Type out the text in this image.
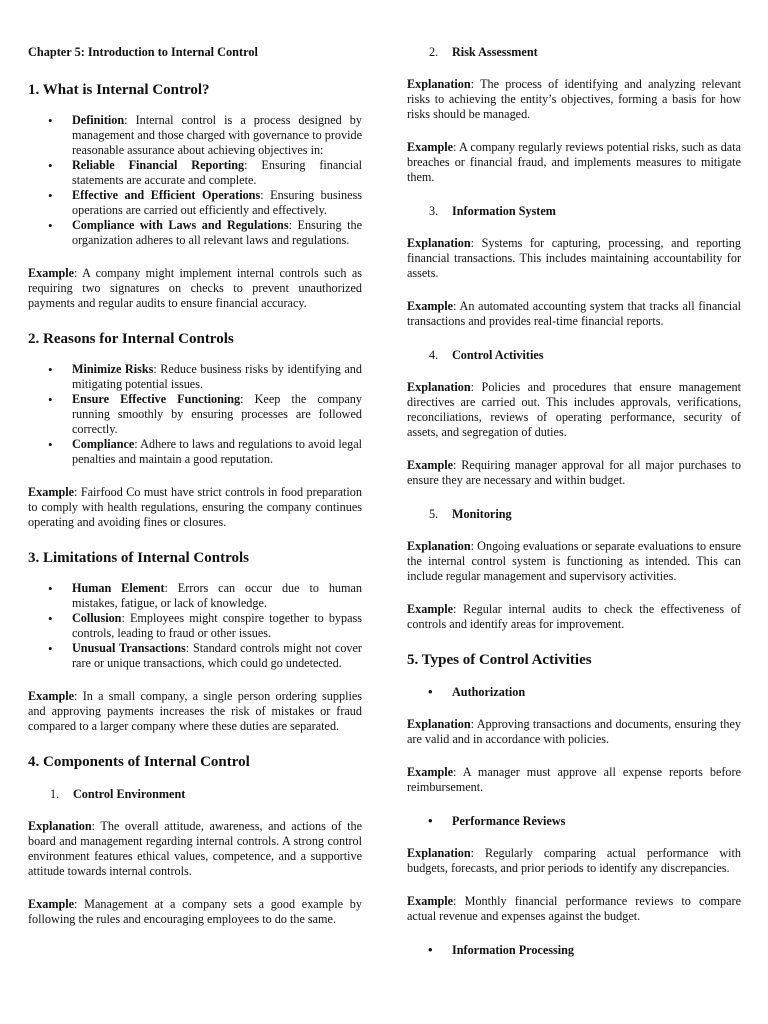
Chapter 5: Introduction to Internal Control

1. What is Internal Control?
• Definition: Internal control is a process designed by management and those charged with governance to provide reasonable assurance about achieving objectives in:
• Reliable Financial Reporting: Ensuring financial statements are accurate and complete.
• Effective and Efficient Operations: Ensuring business operations are carried out efficiently and effectively.
• Compliance with Laws and Regulations: Ensuring the organization adheres to all relevant laws and regulations.

Example: A company might implement internal controls such as requiring two signatures on checks to prevent unauthorized payments and regular audits to ensure financial accuracy.

2. Reasons for Internal Controls
• Minimize Risks: Reduce business risks by identifying and mitigating potential issues.
• Ensure Effective Functioning: Keep the company running smoothly by ensuring processes are followed correctly.
• Compliance: Adhere to laws and regulations to avoid legal penalties and maintain a good reputation.

Example: Fairfood Co must have strict controls in food preparation to comply with health regulations, ensuring the company continues operating and avoiding fines or closures.

3. Limitations of Internal Controls
• Human Element: Errors can occur due to human mistakes, fatigue, or lack of knowledge.
• Collusion: Employees might conspire together to bypass controls, leading to fraud or other issues.
• Unusual Transactions: Standard controls might not cover rare or unique transactions, which could go undetected.

Example: In a small company, a single person ordering supplies and approving payments increases the risk of mistakes or fraud compared to a larger company where these duties are separated.

4. Components of Internal Control
1. Control Environment

Explanation: The overall attitude, awareness, and actions of the board and management regarding internal controls. A strong control environment features ethical values, competence, and a supportive attitude towards internal controls.

Example: Management at a company sets a good example by following the rules and encouraging employees to do the same.

2. Risk Assessment

Explanation: The process of identifying and analyzing relevant risks to achieving the entity’s objectives, forming a basis for how risks should be managed.

Example: A company regularly reviews potential risks, such as data breaches or financial fraud, and implements measures to mitigate them.

3. Information System

Explanation: Systems for capturing, processing, and reporting financial transactions. This includes maintaining accountability for assets.

Example: An automated accounting system that tracks all financial transactions and provides real-time financial reports.

4. Control Activities

Explanation: Policies and procedures that ensure management directives are carried out. This includes approvals, verifications, reconciliations, reviews of operating performance, security of assets, and segregation of duties.

Example: Requiring manager approval for all major purchases to ensure they are necessary and within budget.

5. Monitoring

Explanation: Ongoing evaluations or separate evaluations to ensure the internal control system is functioning as intended. This can include regular management and supervisory activities.

Example: Regular internal audits to check the effectiveness of controls and identify areas for improvement.

5. Types of Control Activities
• Authorization

Explanation: Approving transactions and documents, ensuring they are valid and in accordance with policies.

Example: A manager must approve all expense reports before reimbursement.

• Performance Reviews

Explanation: Regularly comparing actual performance with budgets, forecasts, and prior periods to identify any discrepancies.

Example: Monthly financial performance reviews to compare actual revenue and expenses against the budget.

• Information Processing
